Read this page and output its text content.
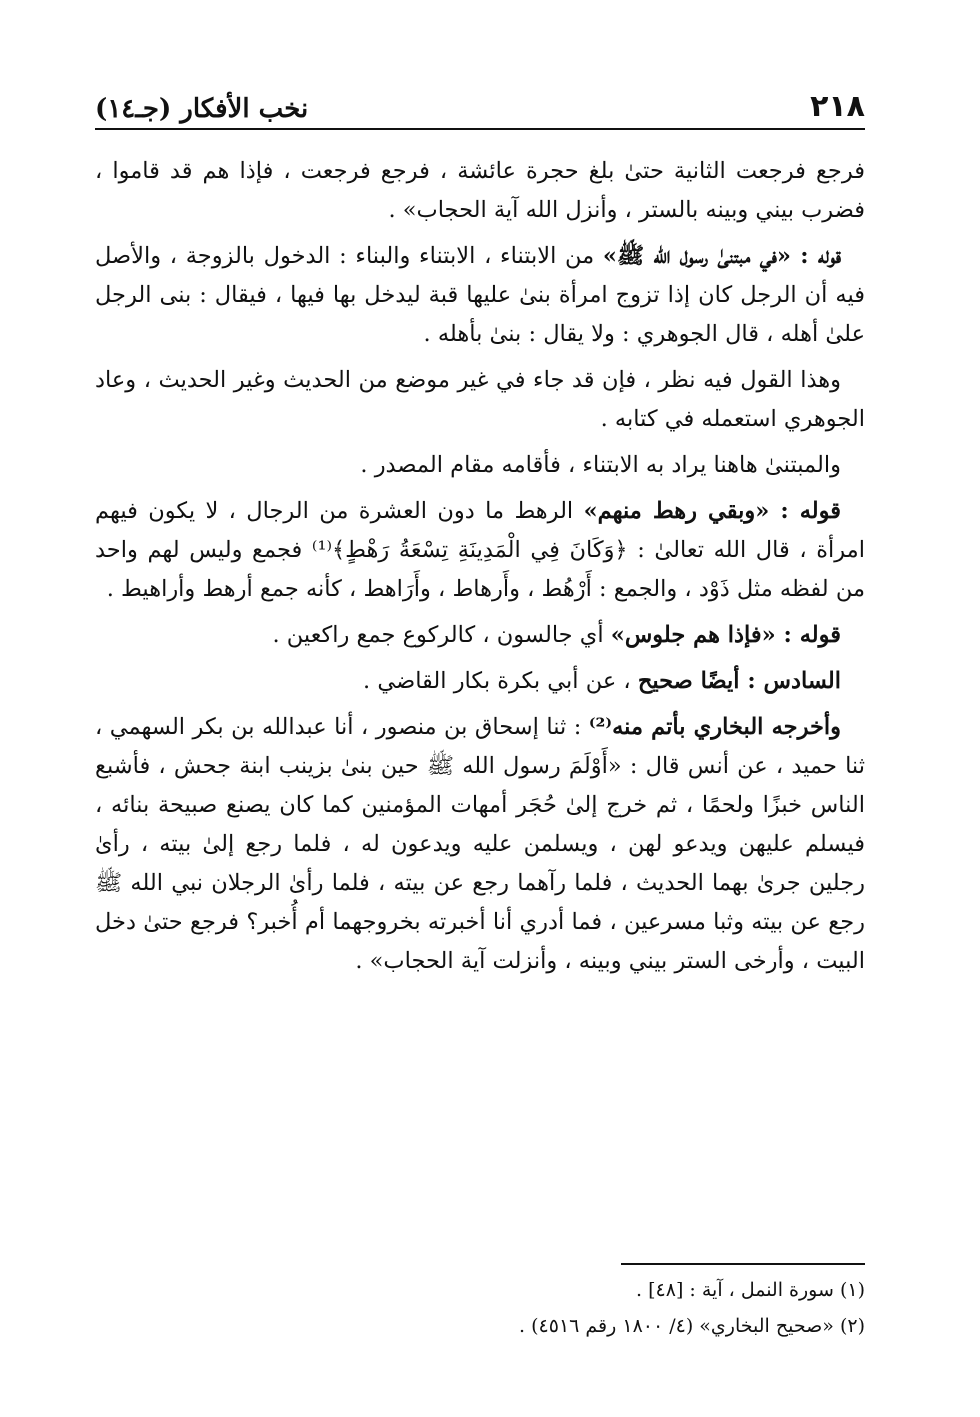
٢١٨
نخب الأفكار (جـ١٤)

فرجع فرجعت الثانية حتىٰ بلغ حجرة عائشة ، فرجع فرجعت ، فإذا هم قد قاموا ، فضرب بيني وبينه بالستر ، وأنزل الله آية الحجاب» .

قوله : «في مبتنىٰ رسول الله ﷺ» من الابتناء ، الابتناء والبناء : الدخول بالزوجة ، والأصل فيه أن الرجل كان إذا تزوج امرأة بنىٰ عليها قبة ليدخل بها فيها ، فيقال : بنى الرجل علىٰ أهله ، قال الجوهري : ولا يقال : بنىٰ بأهله .

وهذا القول فيه نظر ، فإن قد جاء في غير موضع من الحديث وغير الحديث ، وعاد الجوهري استعمله في كتابه .

والمبتنىٰ هاهنا يراد به الابتناء ، فأقامه مقام المصدر .

قوله : «وبقي رهط منهم» الرهط ما دون العشرة من الرجال ، لا يكون فيهم امرأة ، قال الله تعالىٰ : ﴿وَكَانَ فِي الْمَدِينَةِ تِسْعَةُ رَهْطٍ﴾⁽¹⁾ فجمع وليس لهم واحد من لفظه مثل ذَوْد ، والجمع : أَرْهُط ، وأَرهاط ، وأَرَاهط ، كأنه جمع أرهط وأراهيط .

قوله : «فإذا هم جلوس» أي جالسون ، كالركوع جمع راكعين .

السادس : أيضًا صحيح ، عن أبي بكرة بكار القاضي .

وأخرجه البخاري بأتم منه⁽²⁾ : ثنا إسحاق بن منصور ، أنا عبدالله بن بكر السهمي ، ثنا حميد ، عن أنس قال : «أَوْلَمَ رسول الله ﷺ حين بنىٰ بزينب ابنة جحش ، فأشبع الناس خبزًا ولحمًا ، ثم خرج إلىٰ حُجَر أمهات المؤمنين كما كان يصنع صبيحة بنائه ، فيسلم عليهن ويدعو لهن ، ويسلمن عليه ويدعون له ، فلما رجع إلىٰ بيته ، رأىٰ رجلين جرىٰ بهما الحديث ، فلما رآهما رجع عن بيته ، فلما رأىٰ الرجلان نبي الله ﷺ رجع عن بيته وثبا مسرعين ، فما أدري أنا أخبرته بخروجهما أم أُخبر؟ فرجع حتىٰ دخل البيت ، وأرخى الستر بيني وبينه ، وأنزلت آية الحجاب» .

(١) سورة النمل ، آية : [٤٨] .

(٢) «صحيح البخاري» (٤/ ١٨٠٠ رقم ٤٥١٦) .
